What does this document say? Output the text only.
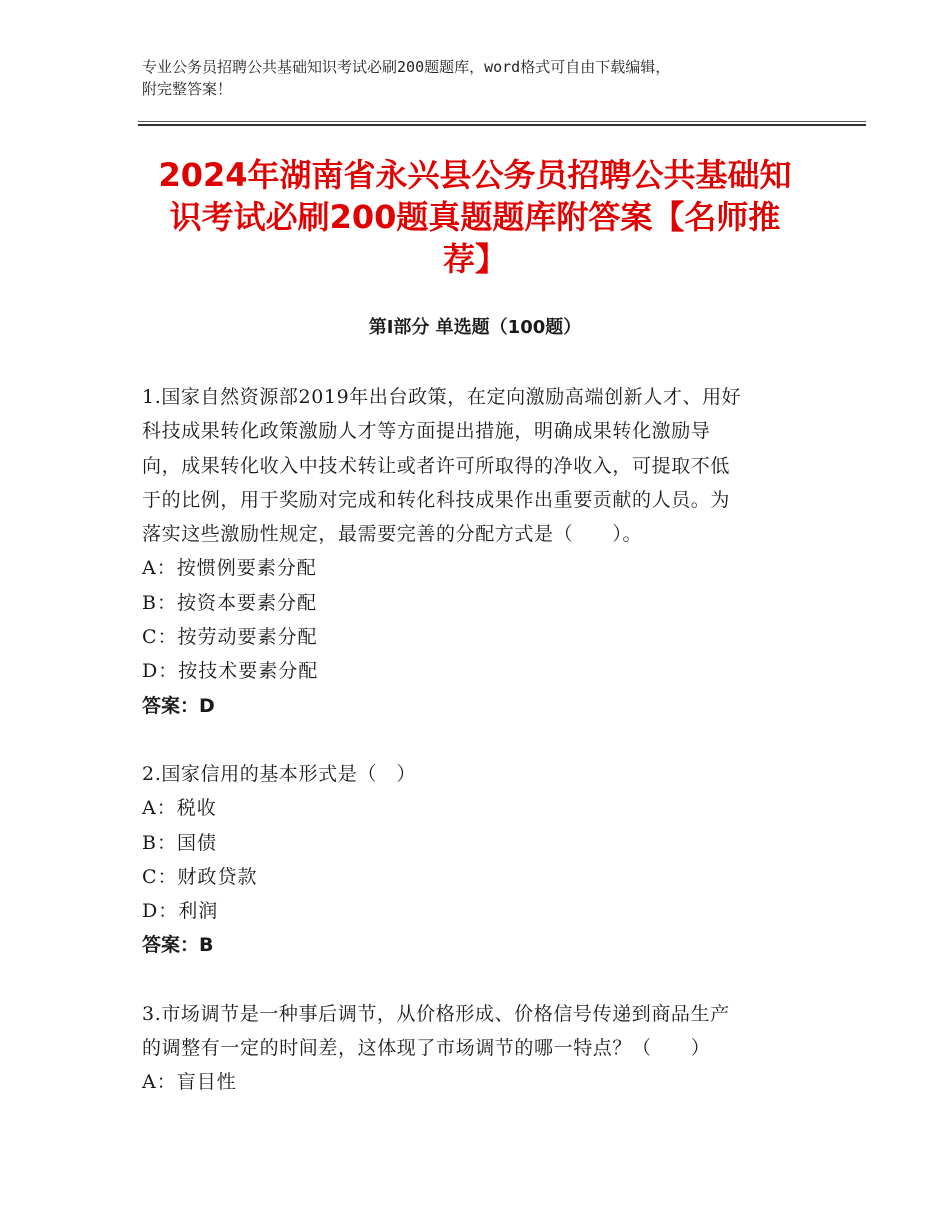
专业公务员招聘公共基础知识考试必刷200题题库，word格式可自由下载编辑，
附完整答案！
2024年湖南省永兴县公务员招聘公共基础知
识考试必刷200题真题题库附答案【名师推
荐】
第Ⅰ部分 单选题（100题）

1.国家自然资源部2019年出台政策，在定向激励高端创新人才、用好

科技成果转化政策激励人才等方面提出措施，明确成果转化激励导

向，成果转化收入中技术转让或者许可所取得的净收入，可提取不低

于的比例，用于奖励对完成和转化科技成果作出重要贡献的人员。为

落实这些激励性规定，最需要完善的分配方式是（　　）。

A：按惯例要素分配

B：按资本要素分配

C：按劳动要素分配

D：按技术要素分配

答案：D

2.国家信用的基本形式是（　）

A：税收

B：国债

C：财政贷款

D：利润

答案：B

3.市场调节是一种事后调节，从价格形成、价格信号传递到商品生产

的调整有一定的时间差，这体现了市场调节的哪一特点？（　　）

A：盲目性
